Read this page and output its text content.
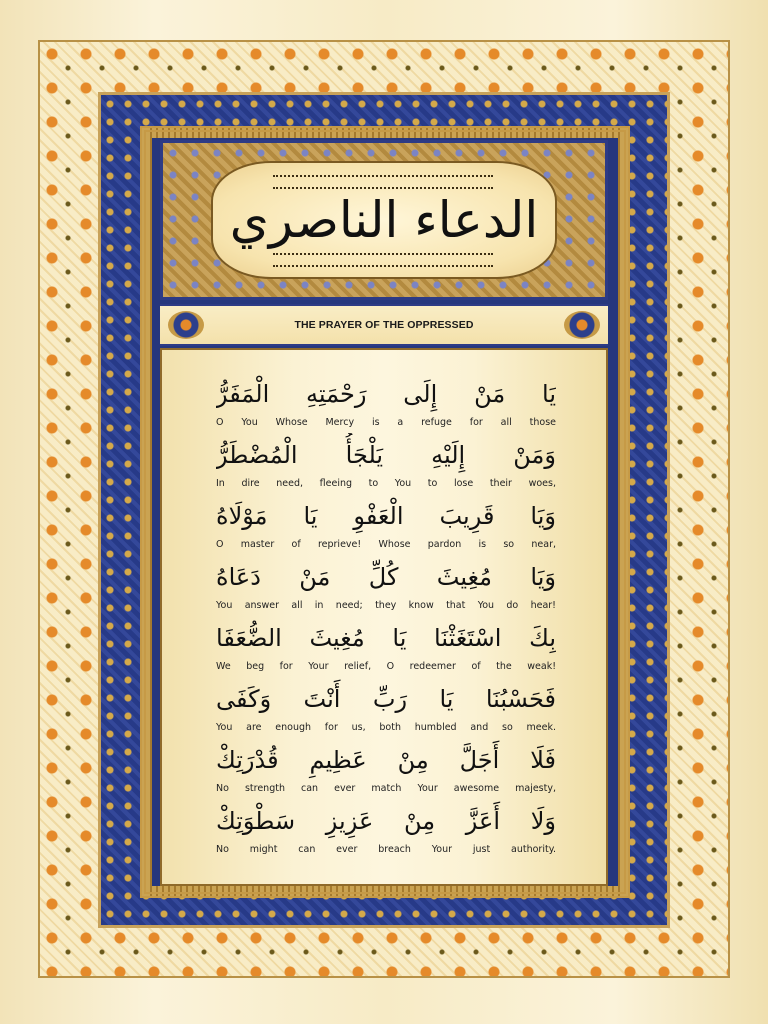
الدعاء الناصري
THE PRAYER OF THE OPPRESSED
يَا مَنْ إِلَى رَحْمَتِهِ الْمَفَرُّ
O You Whose Mercy is a refuge for all those
وَمَنْ إِلَيْهِ يَلْجَأُ الْمُضْطَرُّ
In dire need, fleeing to You to lose their woes,
وَيَا قَرِيبَ الْعَفْوِ يَا مَوْلَاهُ
O master of reprieve! Whose pardon is so near,
وَيَا مُغِيثَ كُلِّ مَنْ دَعَاهُ
You answer all in need; they know that You do hear!
بِكَ اسْتَغَثْنَا يَا مُغِيثَ الضُّعَفَا
We beg for Your relief, O redeemer of the weak!
فَحَسْبُنَا يَا رَبِّ أَنْتَ وَكَفَى
You are enough for us, both humbled and so meek.
فَلَا أَجَلَّ مِنْ عَظِيمِ قُدْرَتِكْ
No strength can ever match Your awesome majesty,
وَلَا أَعَزَّ مِنْ عَزِيزِ سَطْوَتِكْ
No might can ever breach Your just authority.
